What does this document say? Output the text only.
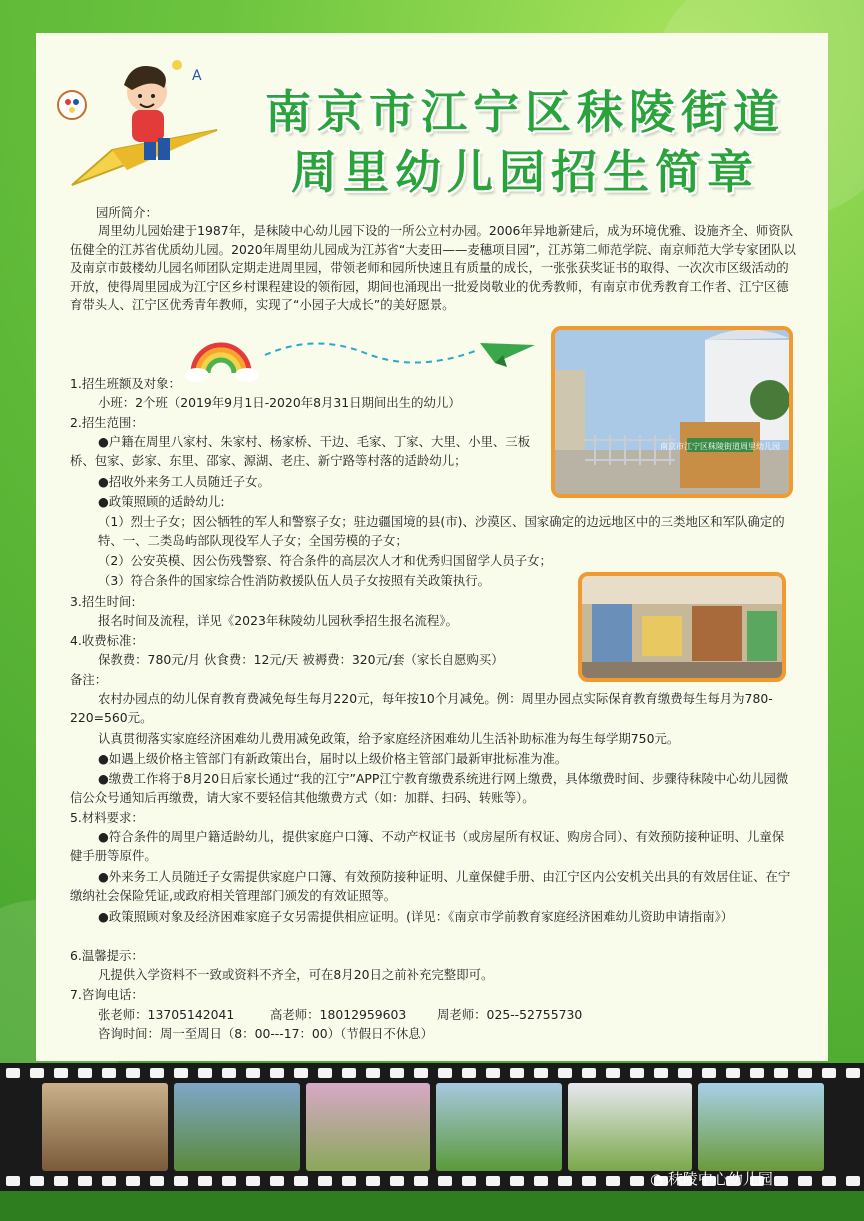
A
南京市江宁区秣陵街道
周里幼儿园招生简章
园所简介：
周里幼儿园始建于1987年，是秣陵中心幼儿园下设的一所公立村办园。2006年异地新建后，成为环境优雅、设施齐全、师资队伍健全的江苏省优质幼儿园。2020年周里幼儿园成为江苏省“大麦田——麦穗项目园”，江苏第二师范学院、南京师范大学专家团队以及南京市鼓楼幼儿园名师团队定期走进周里园，带领老师和园所快速且有质量的成长，一张张获奖证书的取得、一次次市区级活动的开放，使得周里园成为江宁区乡村课程建设的领衔园，期间也涌现出一批爱岗敬业的优秀教师，有南京市优秀教育工作者、江宁区德育带头人、江宁区优秀青年教师，实现了“小园子大成长”的美好愿景。
南京市江宁区秣陵街道周里幼儿园
1.招生班额及对象：
小班：2个班（2019年9月1日-2020年8月31日期间出生的幼儿）
2.招生范围：
●户籍在周里八家村、朱家村、杨家桥、干边、毛家、丁家、大里、小里、三板桥、包家、彭家、东里、邵家、源湖、老庄、新宁路等村落的适龄幼儿；
●招收外来务工人员随迁子女。
●政策照顾的适龄幼儿:
（1）烈士子女；因公牺牲的军人和警察子女；驻边疆国境的县(市)、沙漠区、国家确定的边远地区中的三类地区和军队确定的特、一、二类岛屿部队现役军人子女；全国劳模的子女；
（2）公安英模、因公伤残警察、符合条件的高层次人才和优秀归国留学人员子女；
（3）符合条件的国家综合性消防救援队伍人员子女按照有关政策执行。
3.招生时间:
报名时间及流程，详见《2023年秣陵幼儿园秋季招生报名流程》。
4.收费标准：
保教费：780元/月 伙食费：12元/天 被褥费：320元/套（家长自愿购买）
备注：
农村办园点的幼儿保育教育费减免每生每月220元，每年按10个月减免。例：周里办园点实际保育教育缴费每生每月为780-220=560元。
认真贯彻落实家庭经济困难幼儿费用减免政策，给予家庭经济困难幼儿生活补助标准为每生每学期750元。
●如遇上级价格主管部门有新政策出台，届时以上级价格主管部门最新审批标准为准。
●缴费工作将于8月20日后家长通过“我的江宁”APP江宁教育缴费系统进行网上缴费，具体缴费时间、步骤待秣陵中心幼儿园微信公众号通知后再缴费，请大家不要轻信其他缴费方式（如：加群、扫码、转账等）。
5.材料要求：
●符合条件的周里户籍适龄幼儿，提供家庭户口簿、不动产权证书（或房屋所有权证、购房合同）、有效预防接种证明、儿童保健手册等原件。
●外来务工人员随迁子女需提供家庭户口簿、有效预防接种证明、儿童保健手册、由江宁区内公安机关出具的有效居住证、在宁缴纳社会保险凭证,或政府相关管理部门颁发的有效证照等。
●政策照顾对象及经济困难家庭子女另需提供相应证明。(详见：《南京市学前教育家庭经济困难幼儿资助申请指南》）
6.温馨提示：
凡提供入学资料不一致或资料不齐全，可在8月20日之前补充完整即可。
7.咨询电话：
张老师：13705142041	高老师：18012959603	周老师：025--52755730
咨询时间：周一至周日（8：00---17：00）（节假日不休息）
◔ 秣陵中心幼儿园
